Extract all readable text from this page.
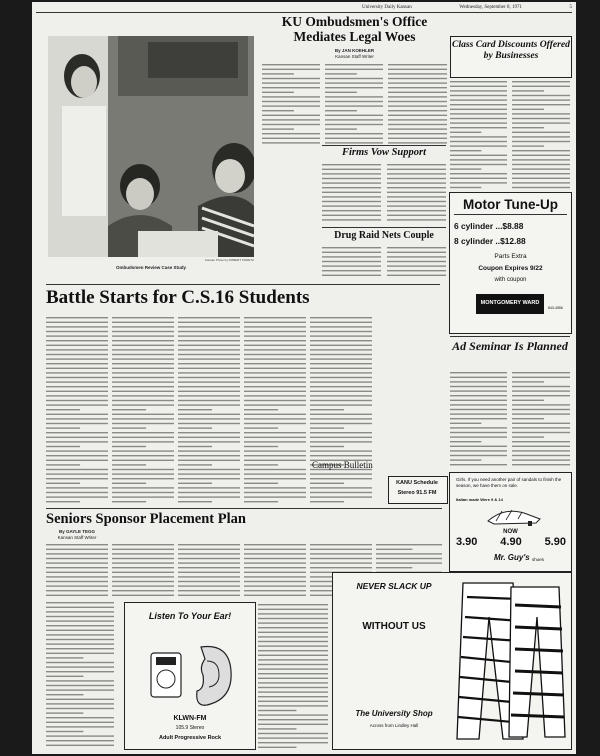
University Daily Kansan	Wednesday, September 8, 1971	5
Kansan Photo by ROBERT KORETA
Ombudsmen Review Case Study
KU Ombudsmen's Office Mediates Legal Woes
By JAN KOEHLER
Kansan Staff Writer
Firms Vow Support
Drug Raid Nets Couple
Class Card Discounts Offered by Businesses
Motor Tune-Up
6 cylinder ...$8.88
8 cylinder ..$12.88
Parts Extra
Coupon Expires 9/22
with coupon
MONTGOMERY WARD
843-4556
Battle Starts for C.S.16 Students
Campus Bulletin
KANU Schedule
Stereo 91.5 FM
Ad Seminar Is Planned
Girls. If you need another pair of sandals to finish the season, we have them on sale.
Italian made Were 9 & 14
NOW
3.90 4.90 5.90
Mr. Guy's shoes
Seniors Sponsor Placement Plan
By GAYLE TEGG
Kansan Staff Writer
Listen To Your Ear!
KLWN-FM
105.9 Stereo
Adult Progressive Rock
NEVER SLACK UP
WITHOUT US
The University Shop
Across from Lindley Hall
